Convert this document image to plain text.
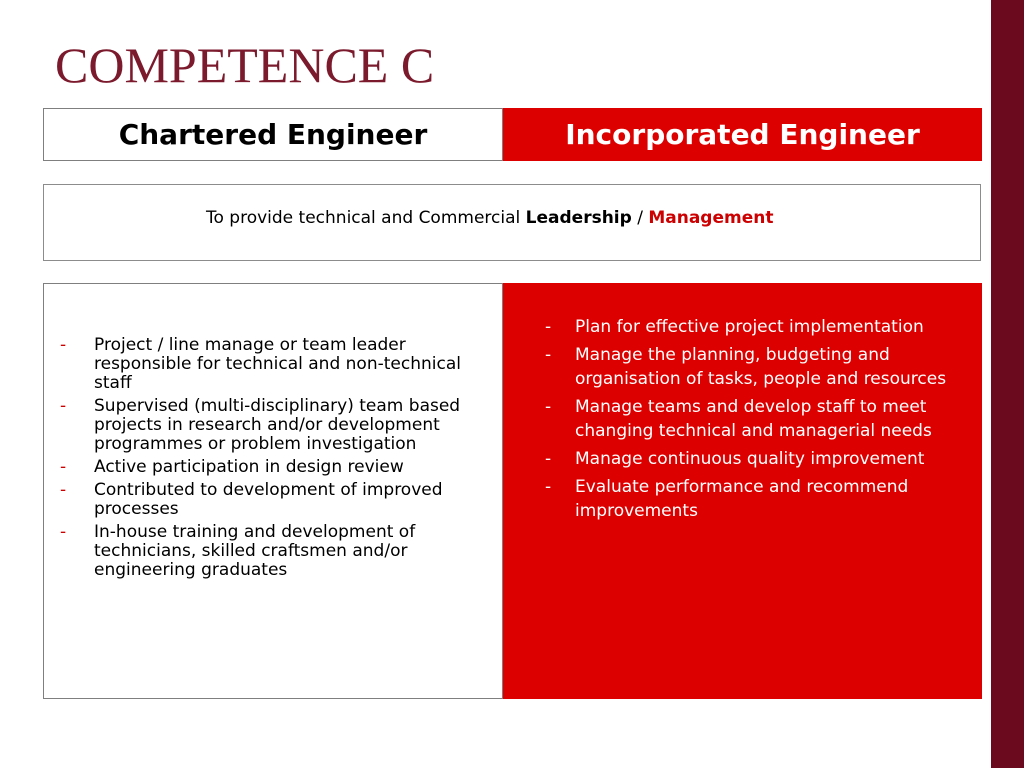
COMPETENCE C
Chartered Engineer	Incorporated Engineer
To provide technical and Commercial Leadership / Management
- Project / line manage or team leader responsible for technical and non-technical staff
- Supervised (multi-disciplinary) team based projects in research and/or development programmes or problem investigation
- Active participation in design review
- Contributed to development of improved processes
- In-house training and development of technicians, skilled craftsmen and/or engineering graduates
- Plan for effective project implementation
- Manage the planning, budgeting and organisation of tasks, people and resources
- Manage teams and develop staff to meet changing technical and managerial needs
- Manage continuous quality improvement
- Evaluate performance and recommend improvements
